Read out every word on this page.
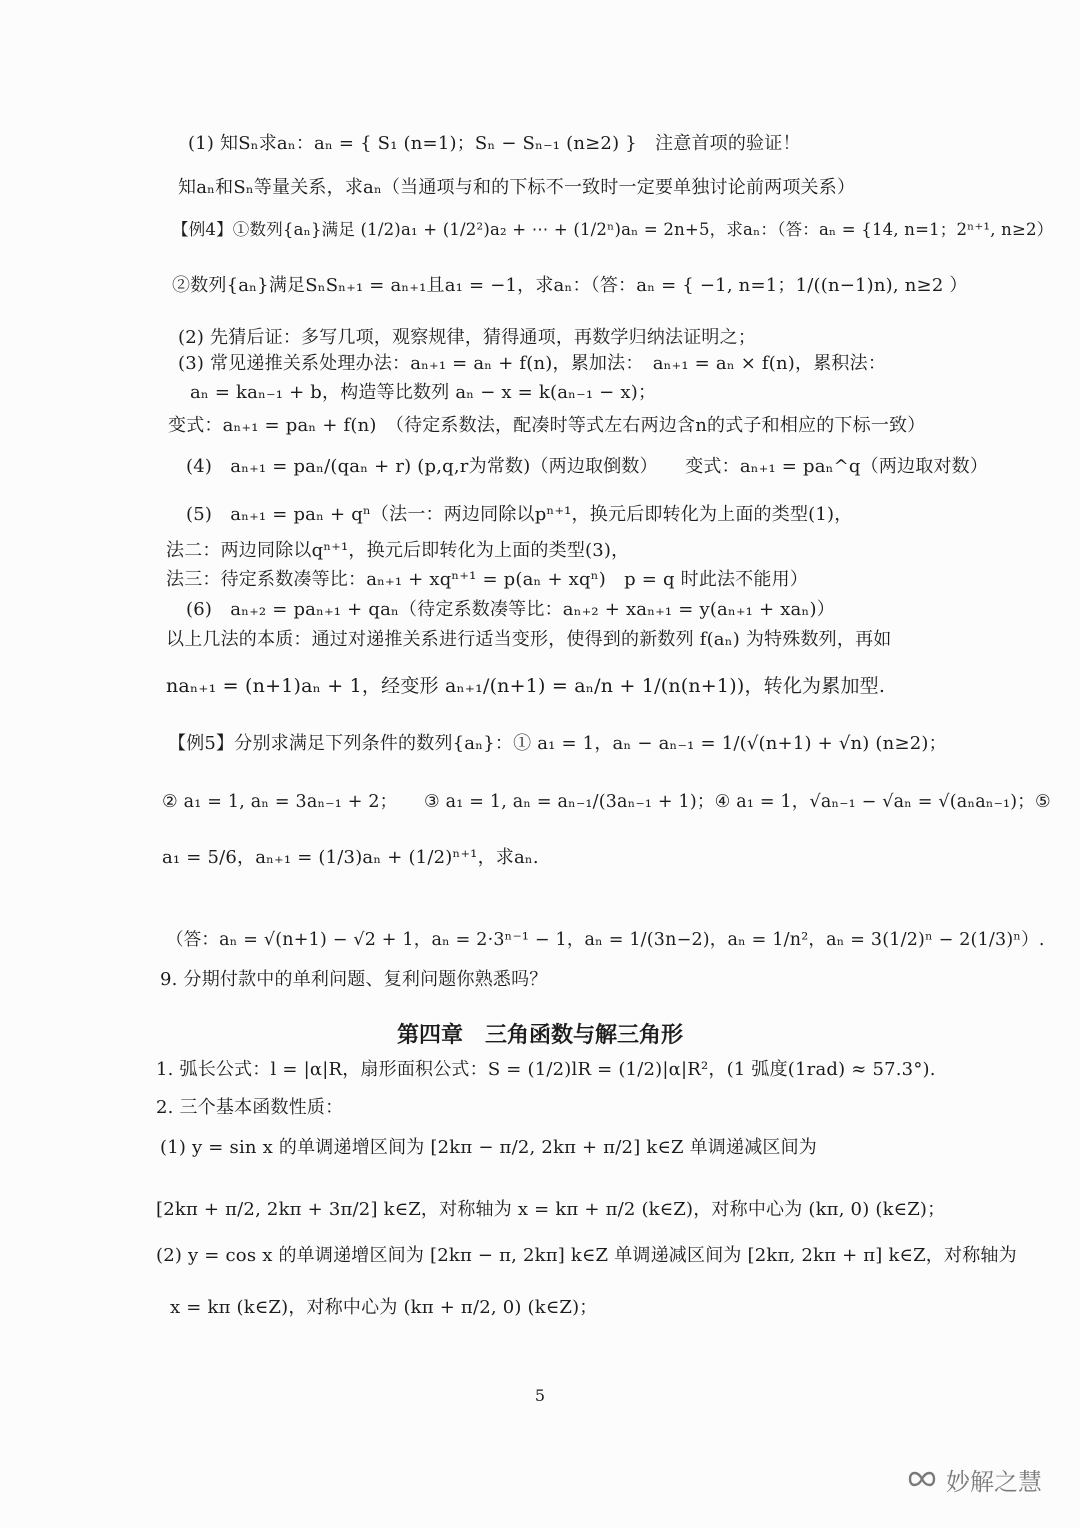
(1) 知Sₙ求aₙ：aₙ = { S₁ (n=1)；Sₙ − Sₙ₋₁ (n≥2) }　注意首项的验证！
知aₙ和Sₙ等量关系，求aₙ（当通项与和的下标不一致时一定要单独讨论前两项关系）
【例4】①数列{aₙ}满足 (1/2)a₁ + (1/2²)a₂ + ⋯ + (1/2ⁿ)aₙ = 2n+5，求aₙ：（答：aₙ = {14, n=1；2ⁿ⁺¹, n≥2）
②数列{aₙ}满足SₙSₙ₊₁ = aₙ₊₁且a₁ = −1，求aₙ：（答：aₙ = { −1, n=1；1/((n−1)n), n≥2 ）
(2) 先猜后证：多写几项，观察规律，猜得通项，再数学归纳法证明之；
(3) 常见递推关系处理办法：aₙ₊₁ = aₙ + f(n)，累加法：　aₙ₊₁ = aₙ × f(n)，累积法：
aₙ = kaₙ₋₁ + b，构造等比数列 aₙ − x = k(aₙ₋₁ − x)；
变式：aₙ₊₁ = paₙ + f(n)　（待定系数法，配凑时等式左右两边含n的式子和相应的下标一致）
(4)　aₙ₊₁ = paₙ/(qaₙ + r) (p,q,r为常数)（两边取倒数）　　变式：aₙ₊₁ = paₙ^q（两边取对数）
(5)　aₙ₊₁ = paₙ + qⁿ（法一：两边同除以pⁿ⁺¹，换元后即转化为上面的类型(1)，
法二：两边同除以qⁿ⁺¹，换元后即转化为上面的类型(3)，
法三：待定系数凑等比：aₙ₊₁ + xqⁿ⁺¹ = p(aₙ + xqⁿ)　p = q 时此法不能用）
(6)　aₙ₊₂ = paₙ₊₁ + qaₙ（待定系数凑等比：aₙ₊₂ + xaₙ₊₁ = y(aₙ₊₁ + xaₙ)）
以上几法的本质：通过对递推关系进行适当变形，使得到的新数列 f(aₙ) 为特殊数列，再如
naₙ₊₁ = (n+1)aₙ + 1，经变形 aₙ₊₁/(n+1) = aₙ/n + 1/(n(n+1))，转化为累加型.
【例5】分别求满足下列条件的数列{aₙ}：① a₁ = 1，aₙ − aₙ₋₁ = 1/(√(n+1) + √n) (n≥2)；
② a₁ = 1, aₙ = 3aₙ₋₁ + 2；　　③ a₁ = 1, aₙ = aₙ₋₁/(3aₙ₋₁ + 1)；④ a₁ = 1，√aₙ₋₁ − √aₙ = √(aₙaₙ₋₁)；⑤
a₁ = 5/6，aₙ₊₁ = (1/3)aₙ + (1/2)ⁿ⁺¹，求aₙ.
（答：aₙ = √(n+1) − √2 + 1，aₙ = 2·3ⁿ⁻¹ − 1，aₙ = 1/(3n−2)，aₙ = 1/n²，aₙ = 3(1/2)ⁿ − 2(1/3)ⁿ）.
9. 分期付款中的单利问题、复利问题你熟悉吗？
第四章　三角函数与解三角形
1. 弧长公式：l = |α|R，扇形面积公式：S = (1/2)lR = (1/2)|α|R²，(1 弧度(1rad) ≈ 57.3°).
2. 三个基本函数性质：
(1) y = sin x 的单调递增区间为 [2kπ − π/2, 2kπ + π/2] k∈Z 单调递减区间为
[2kπ + π/2, 2kπ + 3π/2] k∈Z，对称轴为 x = kπ + π/2 (k∈Z)，对称中心为 (kπ, 0) (k∈Z)；
(2) y = cos x 的单调递增区间为 [2kπ − π, 2kπ] k∈Z 单调递减区间为 [2kπ, 2kπ + π] k∈Z，对称轴为
x = kπ (k∈Z)，对称中心为 (kπ + π/2, 0) (k∈Z)；
5
妙解之慧
